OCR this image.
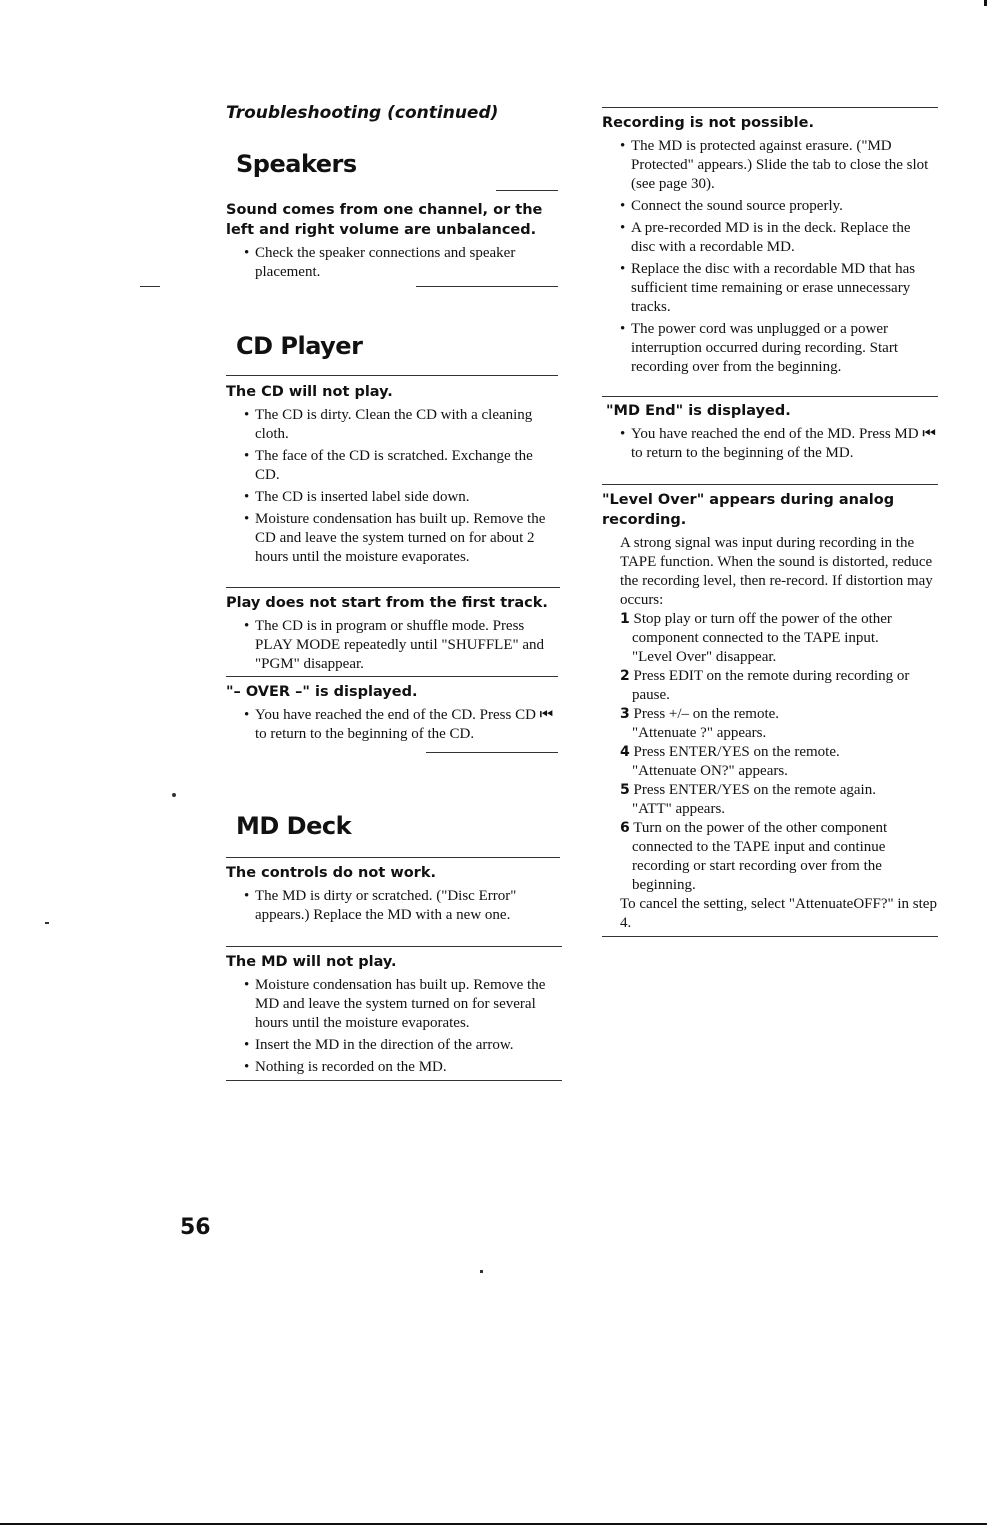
Troubleshooting (continued)

Speakers

Sound comes from one channel, or the left and right volume are unbalanced.

• Check the speaker connections and speaker placement.
CD Player

The CD will not play.

• The CD is dirty. Clean the CD with a cleaning cloth.
• The face of the CD is scratched. Exchange the CD.
• The CD is inserted label side down.
• Moisture condensation has built up. Remove the CD and leave the system turned on for about 2 hours until the moisture evaporates.

Play does not start from the first track.

• The CD is in program or shuffle mode. Press PLAY MODE repeatedly until "SHUFFLE" and "PGM" disappear.

"– OVER –" is displayed.

• You have reached the end of the CD. Press CD ⏮ to return to the beginning of the CD.
MD Deck

The controls do not work.

• The MD is dirty or scratched. ("Disc Error" appears.) Replace the MD with a new one.

The MD will not play.

• Moisture condensation has built up. Remove the MD and leave the system turned on for several hours until the moisture evaporates.
• Insert the MD in the direction of the arrow.
• Nothing is recorded on the MD.

Recording is not possible.

• The MD is protected against erasure. ("MD Protected" appears.) Slide the tab to close the slot (see page 30).
• Connect the sound source properly.
• A pre-recorded MD is in the deck. Replace the disc with a recordable MD.
• Replace the disc with a recordable MD that has sufficient time remaining or erase unnecessary tracks.
• The power cord was unplugged or a power interruption occurred during recording. Start recording over from the beginning.

"MD End" is displayed.

• You have reached the end of the MD. Press MD ⏮ to return to the beginning of the MD.

"Level Over" appears during analog recording.

A strong signal was input during recording in the TAPE function. When the sound is distorted, reduce the recording level, then re-record. If distortion may occurs:

1 Stop play or turn off the power of the other component connected to the TAPE input.

"Level Over" disappear.

2 Press EDIT on the remote during recording or pause.

3 Press +/– on the remote.

"Attenuate ?" appears.

4 Press ENTER/YES on the remote.

"Attenuate ON?" appears.

5 Press ENTER/YES on the remote again.

"ATT" appears.

6 Turn on the power of the other component connected to the TAPE input and continue recording or start recording over from the beginning.

To cancel the setting, select "AttenuateOFF?" in step 4.

56
